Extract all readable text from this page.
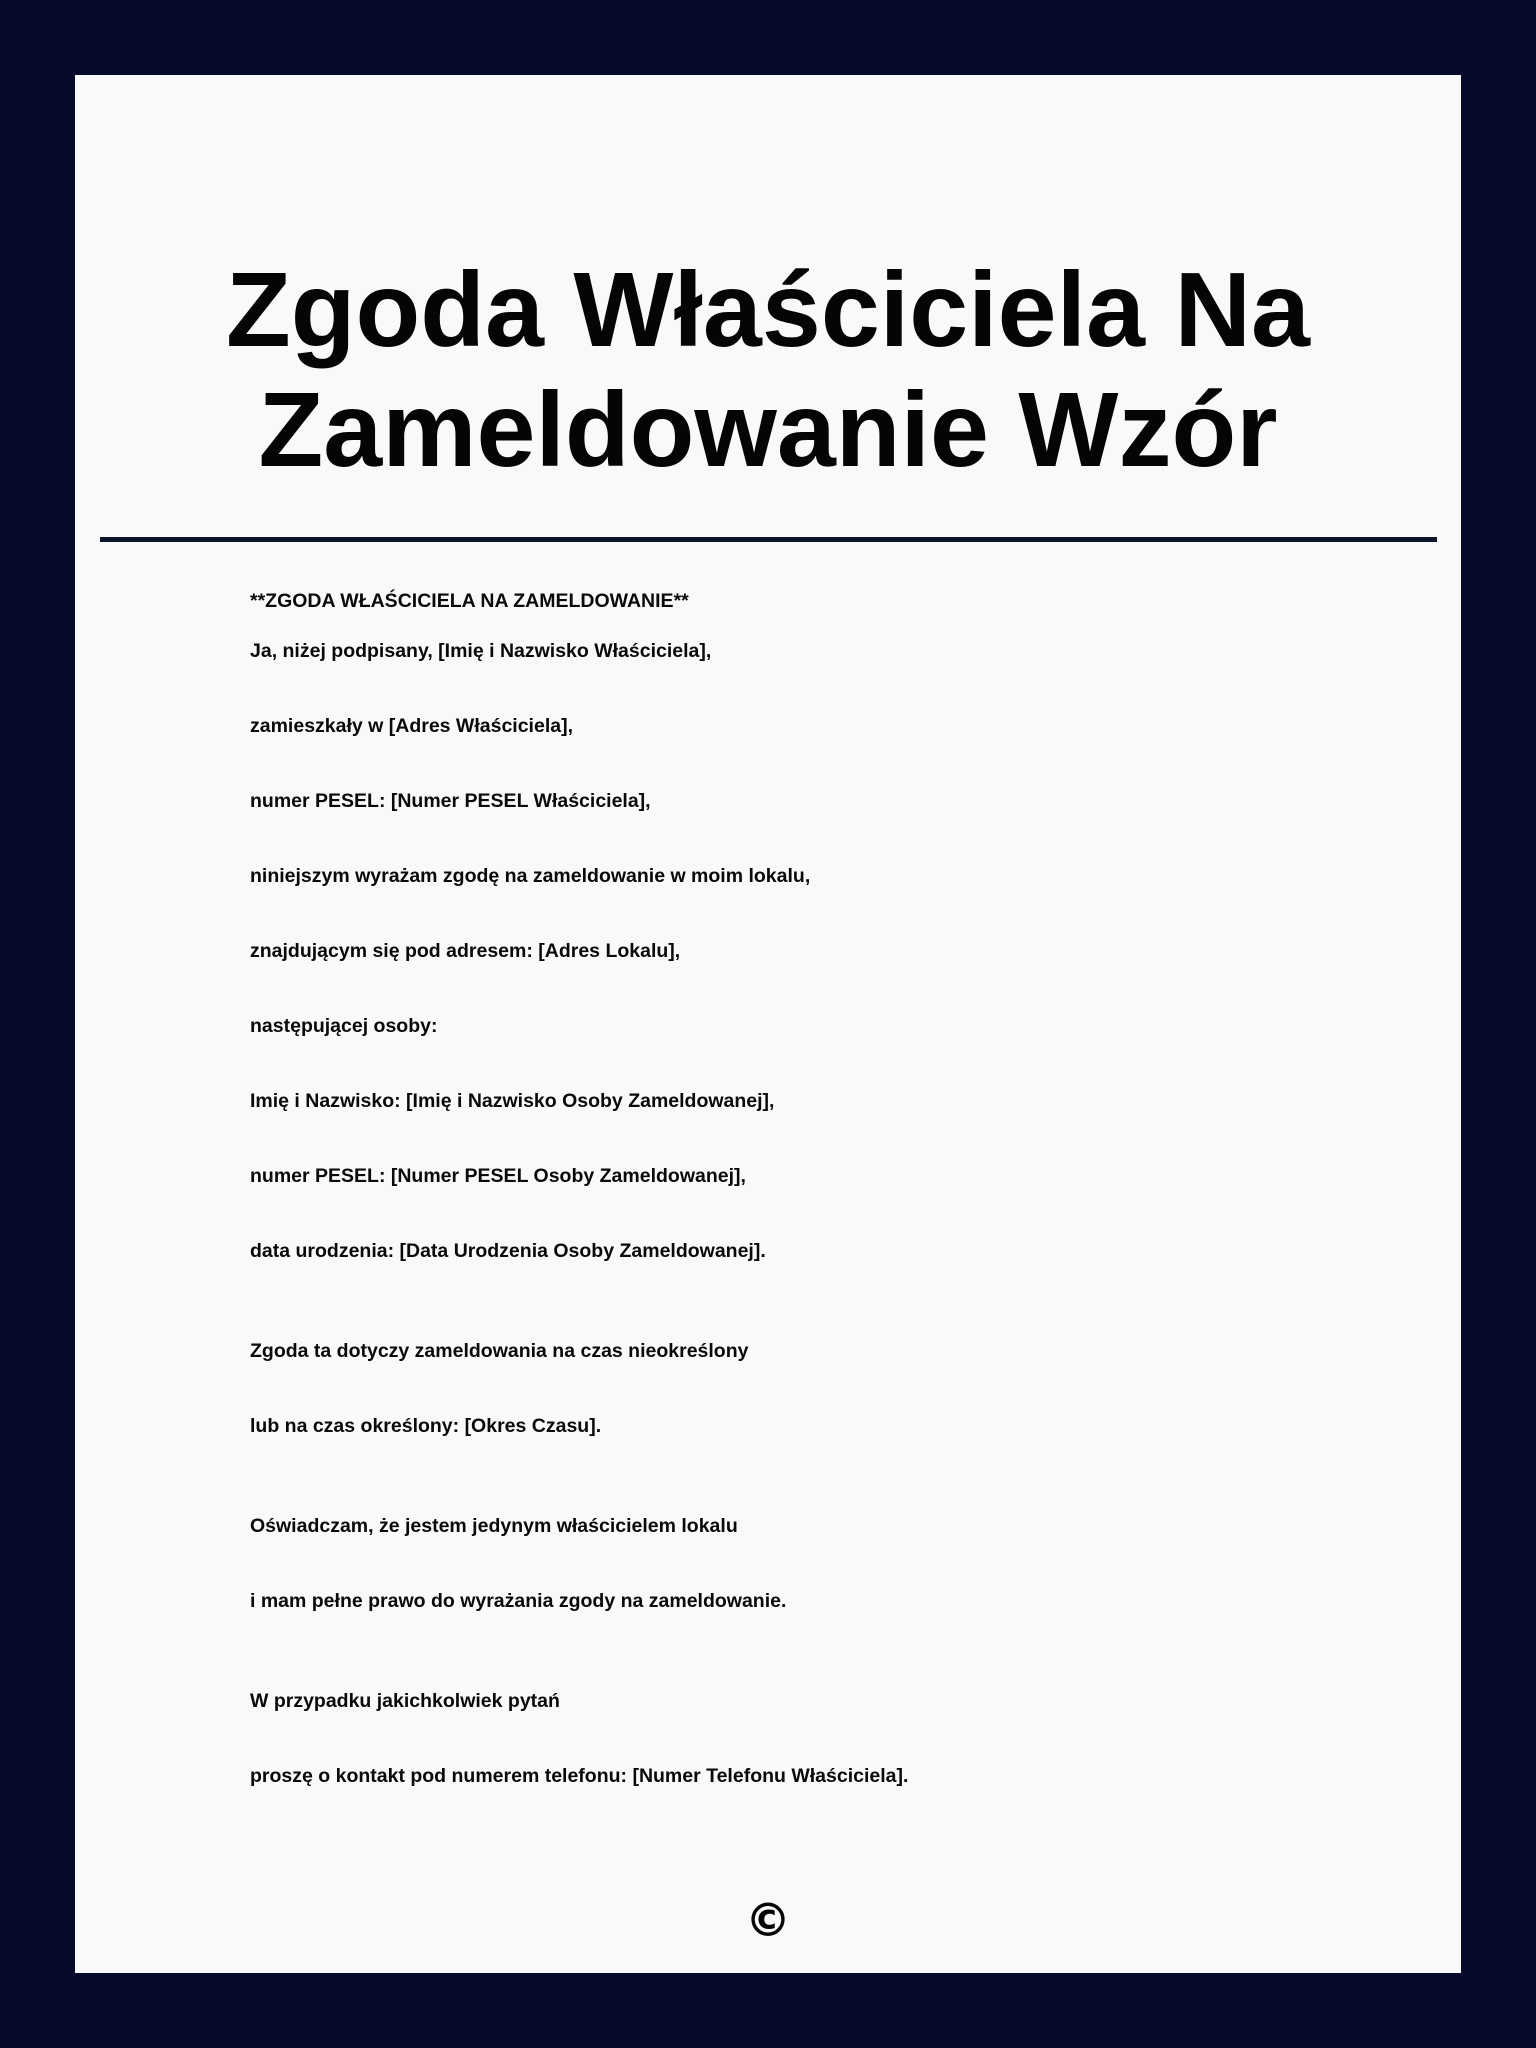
Zgoda Właściciela Na
Zameldowanie Wzór

**ZGODA WŁAŚCICIELA NA ZAMELDOWANIE**

Ja, niżej podpisany, [Imię i Nazwisko Właściciela],

zamieszkały w [Adres Właściciela],

numer PESEL: [Numer PESEL Właściciela],

niniejszym wyrażam zgodę na zameldowanie w moim lokalu,

znajdującym się pod adresem: [Adres Lokalu],

następującej osoby:

Imię i Nazwisko: [Imię i Nazwisko Osoby Zameldowanej],

numer PESEL: [Numer PESEL Osoby Zameldowanej],

data urodzenia: [Data Urodzenia Osoby Zameldowanej].

Zgoda ta dotyczy zameldowania na czas nieokreślony

lub na czas określony: [Okres Czasu].

Oświadczam, że jestem jedynym właścicielem lokalu

i mam pełne prawo do wyrażania zgody na zameldowanie.

W przypadku jakichkolwiek pytań

proszę o kontakt pod numerem telefonu: [Numer Telefonu Właściciela].

©
